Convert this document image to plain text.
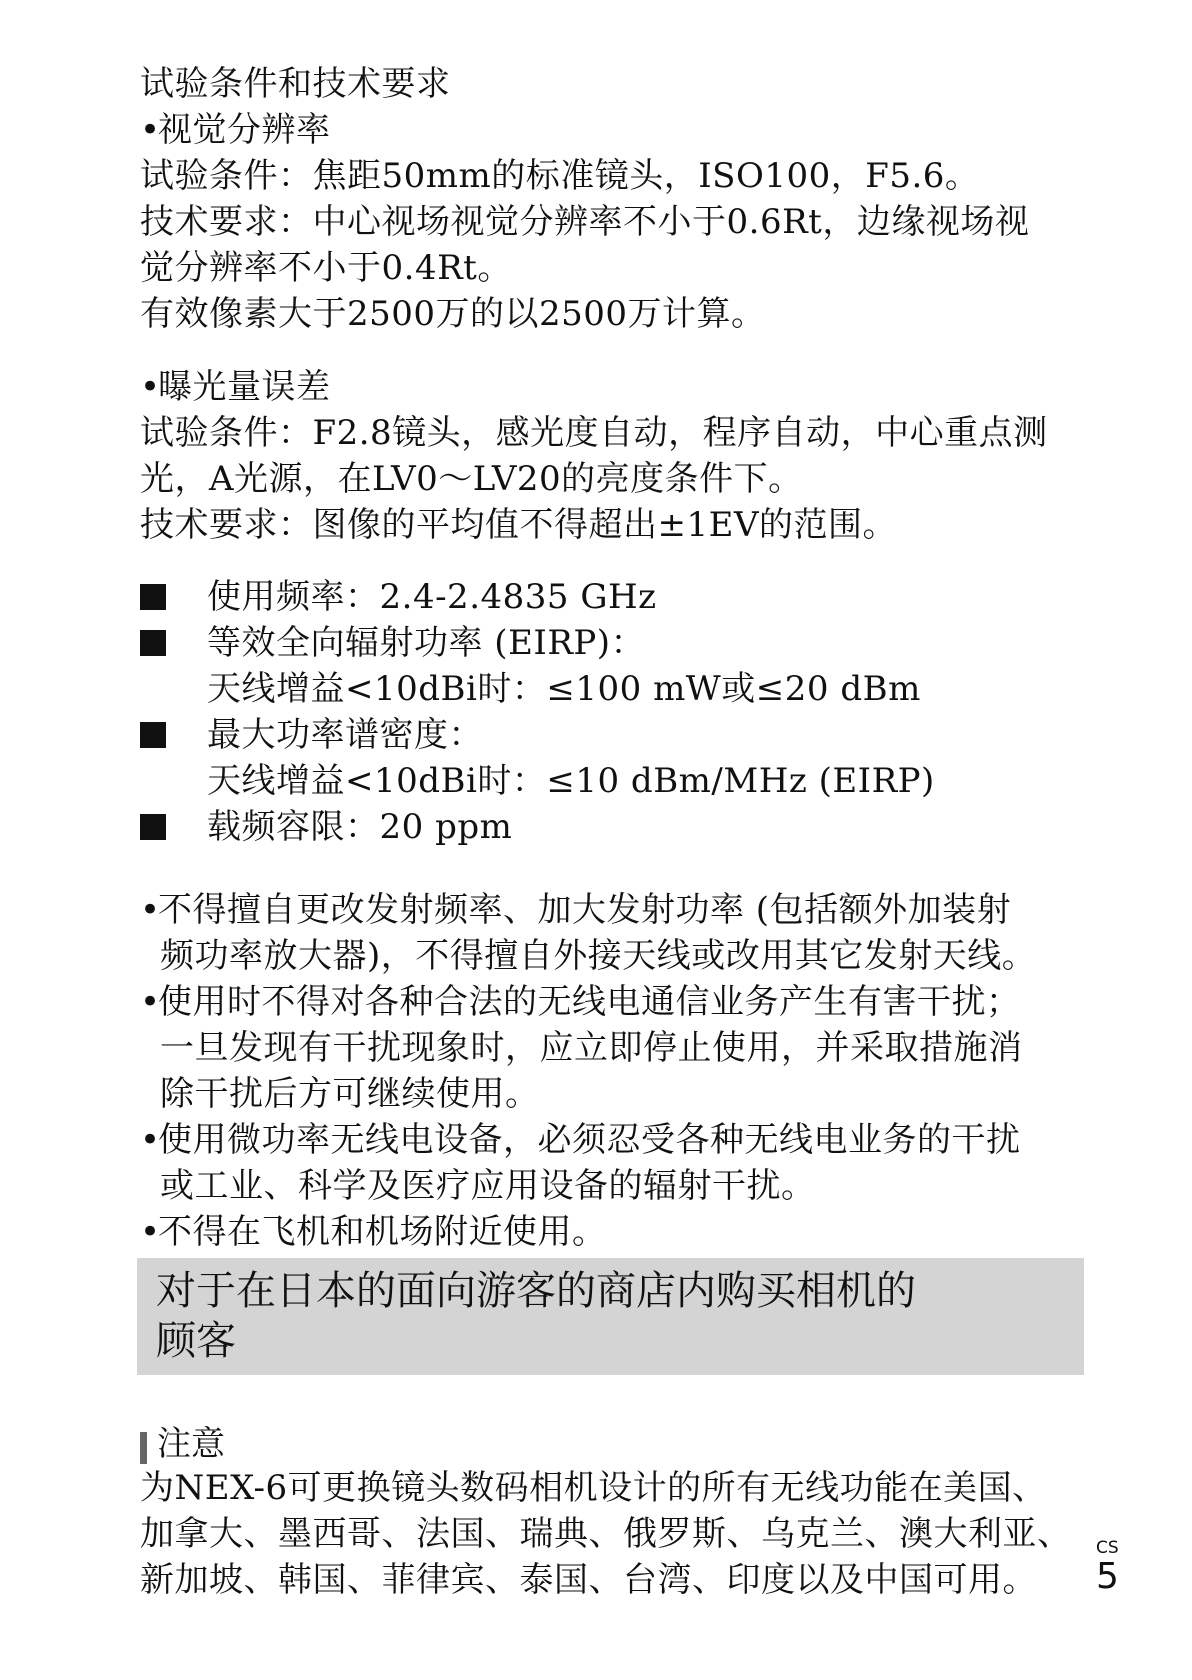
试验条件和技术要求

•视觉分辨率

试验条件：焦距50mm的标准镜头，ISO100，F5.6。

技术要求：中心视场视觉分辨率不小于0.6Rt，边缘视场视

觉分辨率不小于0.4Rt。

有效像素大于2500万的以2500万计算。

•曝光量误差

试验条件：F2.8镜头，感光度自动，程序自动，中心重点测

光，A光源，在LV0～LV20的亮度条件下。

技术要求：图像的平均值不得超出±1EV的范围。

使用频率：2.4-2.4835 GHz

等效全向辐射功率 (EIRP)：

天线增益<10dBi时：≤100 mW或≤20 dBm

最大功率谱密度：

天线增益<10dBi时：≤10 dBm/MHz (EIRP)

载频容限：20 ppm

•不得擅自更改发射频率、加大发射功率 (包括额外加装射

频功率放大器)，不得擅自外接天线或改用其它发射天线。

•使用时不得对各种合法的无线电通信业务产生有害干扰；

一旦发现有干扰现象时，应立即停止使用，并采取措施消

除干扰后方可继续使用。

•使用微功率无线电设备，必须忍受各种无线电业务的干扰

或工业、科学及医疗应用设备的辐射干扰。

•不得在飞机和机场附近使用。

对于在日本的面向游客的商店内购买相机的
顾客

注意

为NEX-6可更换镜头数码相机设计的所有无线功能在美国、

加拿大、墨西哥、法国、瑞典、俄罗斯、乌克兰、澳大利亚、

新加坡、韩国、菲律宾、泰国、台湾、印度以及中国可用。

CS

5
